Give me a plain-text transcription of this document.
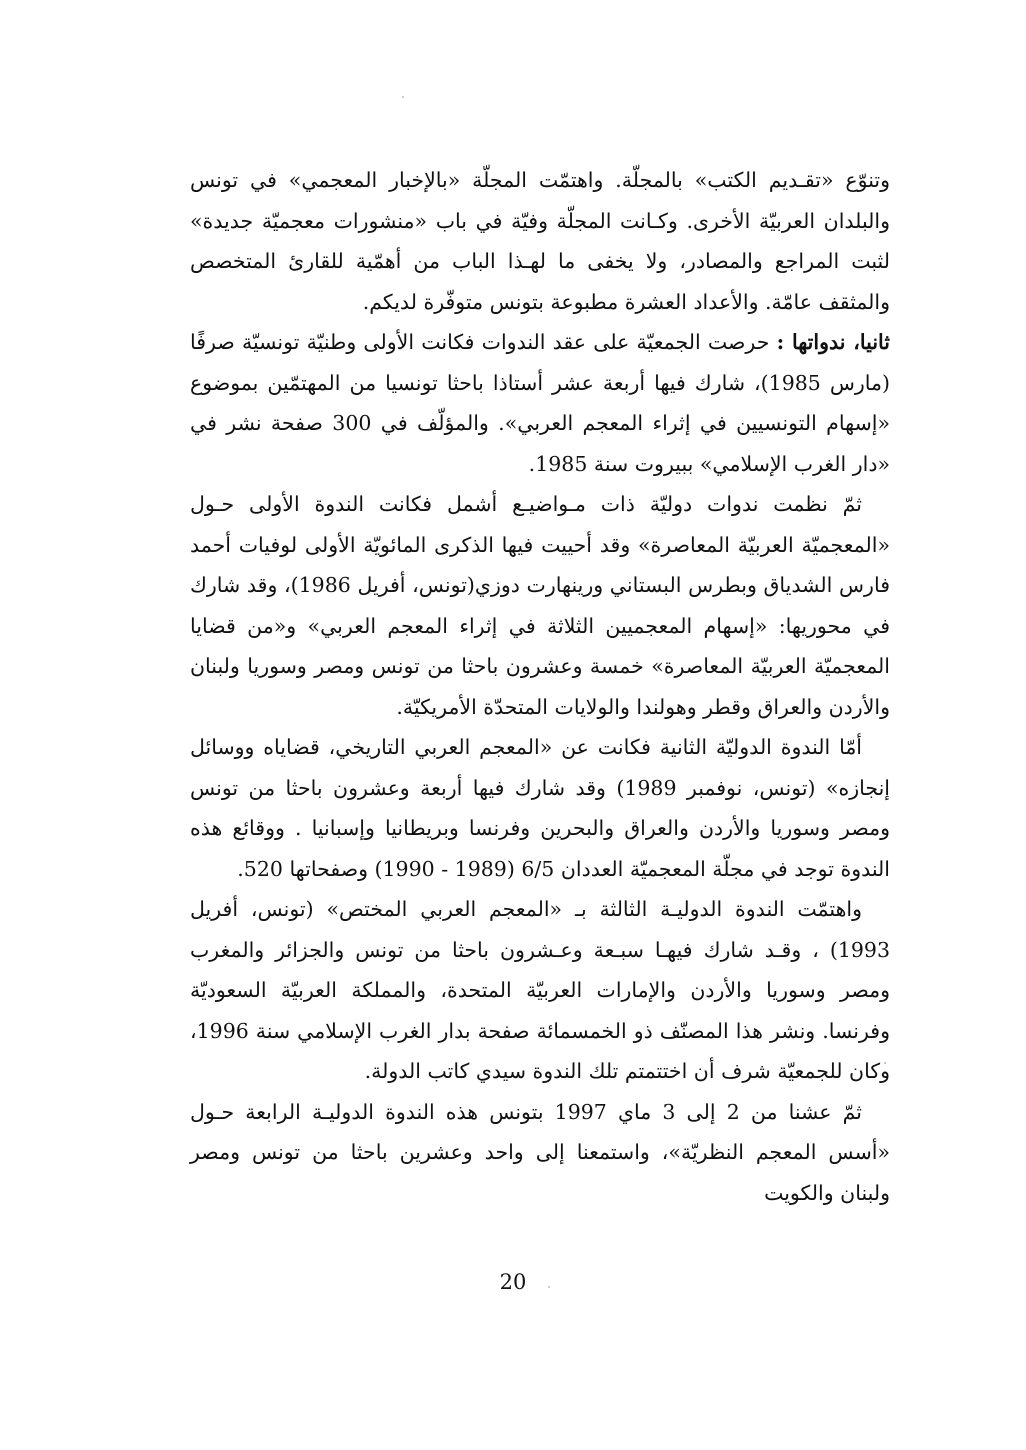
وتنوّع «تقـديم الكتب» بالمجلّة. واهتمّت المجلّة «بالإخبار المعجمي» في تونس والبلدان العربيّة الأخرى. وكـانت المجلّة وفيّة في باب «منشورات معجميّة جديدة» لثبت المراجع والمصادر، ولا يخفى ما لهـذا الباب من أهمّية للقارئ المتخصص والمثقف عامّة. والأعداد العشرة مطبوعة بتونس متوفّرة لديكم.

ثانيا، ندواتها : حرصت الجمعيّة على عقد الندوات فكانت الأولى وطنيّة تونسيّة صرفًا (مارس 1985)، شارك فيها أربعة عشر أستاذا باحثا تونسيا من المهتمّين بموضوع «إسهام التونسيين في إثراء المعجم العربي». والمؤلّف في 300 صفحة نشر في «دار الغرب الإسلامي» ببيروت سنة 1985.

ثمّ نظمت ندوات دوليّة ذات مـواضيـع أشمل فكانت الندوة الأولى حـول «المعجميّة العربيّة المعاصرة» وقد أحييت فيها الذكرى المائويّة الأولى لوفيات أحمد فارس الشدياق وبطرس البستاني ورينهارت دوزي(تونس، أفريل 1986)، وقد شارك في محوريها: «إسهام المعجميين الثلاثة في إثراء المعجم العربي» و«من قضايا المعجميّة العربيّة المعاصرة» خمسة وعشرون باحثا من تونس ومصر وسوريا ولبنان والأردن والعراق وقطر وهولندا والولايات المتحدّة الأمريكيّة.

أمّا الندوة الدوليّة الثانية فكانت عن «المعجم العربي التاريخي، قضاياه ووسائل إنجازه» (تونس، نوفمبر 1989) وقد شارك فيها أربعة وعشرون باحثا من تونس ومصر وسوريا والأردن والعراق والبحرين وفرنسا وبريطانيا وإسبانيا . ووقائع هذه الندوة توجد في مجلّة المعجميّة العددان 6/5 (1989 - 1990) وصفحاتها 520.

واهتمّت الندوة الدوليـة الثالثة بـ «المعجم العربي المختص» (تونس، أفريل 1993) ، وقـد شارك فيهـا سبـعة وعـشرون باحثا من تونس والجزائر والمغرب ومصر وسوريا والأردن والإمارات العربيّة المتحدة، والمملكة العربيّة السعوديّة وفرنسا. ونشر هذا المصنّف ذو الخمسمائة صفحة بدار الغرب الإسلامي سنة 1996، وكان للجمعيّة شرف أن اختتمتم تلك الندوة سيدي كاتب الدولة.

ثمّ عشنا من 2 إلى 3 ماي 1997 بتونس هذه الندوة الدوليـة الرابعة حـول «أسس المعجم النظريّة»، واستمعنا إلى واحد وعشرين باحثا من تونس ومصر ولبنان والكويت

20
